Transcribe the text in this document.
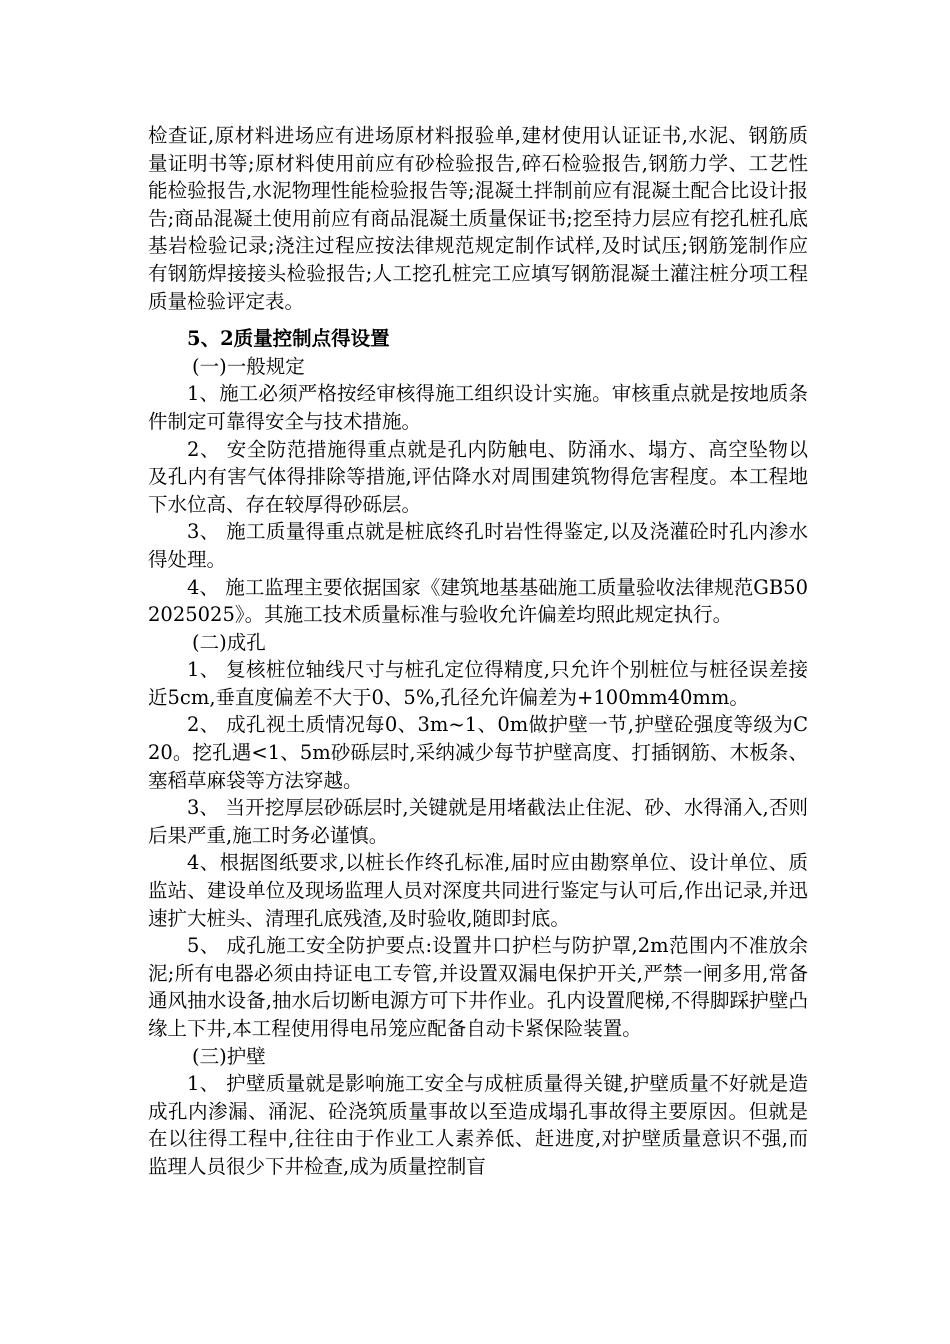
检查证,原材料进场应有进场原材料报验单,建材使用认证证书,水泥、钢筋质量证明书等;原材料使用前应有砂检验报告,碎石检验报告,钢筋力学、工艺性能检验报告,水泥物理性能检验报告等;混凝土拌制前应有混凝土配合比设计报告;商品混凝土使用前应有商品混凝土质量保证书;挖至持力层应有挖孔桩孔底基岩检验记录;浇注过程应按法律规范规定制作试样,及时试压;钢筋笼制作应有钢筋焊接接头检验报告;人工挖孔桩完工应填写钢筋混凝土灌注桩分项工程质量检验评定表。

5、2质量控制点得设置

(一)一般规定

1、施工必须严格按经审核得施工组织设计实施。审核重点就是按地质条件制定可靠得安全与技术措施。

2、 安全防范措施得重点就是孔内防触电、防涌水、塌方、高空坠物以及孔内有害气体得排除等措施,评估降水对周围建筑物得危害程度。本工程地下水位高、存在较厚得砂砾层。

3、 施工质量得重点就是桩底终孔时岩性得鉴定,以及浇灌砼时孔内渗水得处理。

4、 施工监理主要依据国家《建筑地基基础施工质量验收法律规范GB502025025》。其施工技术质量标准与验收允许偏差均照此规定执行。

(二)成孔

1、 复核桩位轴线尺寸与桩孔定位得精度,只允许个别桩位与桩径误差接近5cm,垂直度偏差不大于0、5%,孔径允许偏差为+100mm40mm。

2、 成孔视土质情况每0、3m~1、0m做护壁一节,护壁砼强度等级为C20。挖孔遇<1、5m砂砾层时,采纳减少每节护壁高度、打插钢筋、木板条、塞稻草麻袋等方法穿越。

3、 当开挖厚层砂砾层时,关键就是用堵截法止住泥、砂、水得涌入,否则后果严重,施工时务必谨慎。

4、根据图纸要求,以桩长作终孔标准,届时应由勘察单位、设计单位、质监站、建设单位及现场监理人员对深度共同进行鉴定与认可后,作出记录,并迅速扩大桩头、清理孔底残渣,及时验收,随即封底。

5、 成孔施工安全防护要点:设置井口护栏与防护罩,2m范围内不准放余泥;所有电器必须由持证电工专管,并设置双漏电保护开关,严禁一闸多用,常备通风抽水设备,抽水后切断电源方可下井作业。孔内设置爬梯,不得脚踩护壁凸缘上下井,本工程使用得电吊笼应配备自动卡紧保险装置。

(三)护壁

1、 护壁质量就是影响施工安全与成桩质量得关键,护壁质量不好就是造成孔内渗漏、涌泥、砼浇筑质量事故以至造成塌孔事故得主要原因。但就是在以往得工程中,往往由于作业工人素养低、赶进度,对护壁质量意识不强,而监理人员很少下井检查,成为质量控制盲
